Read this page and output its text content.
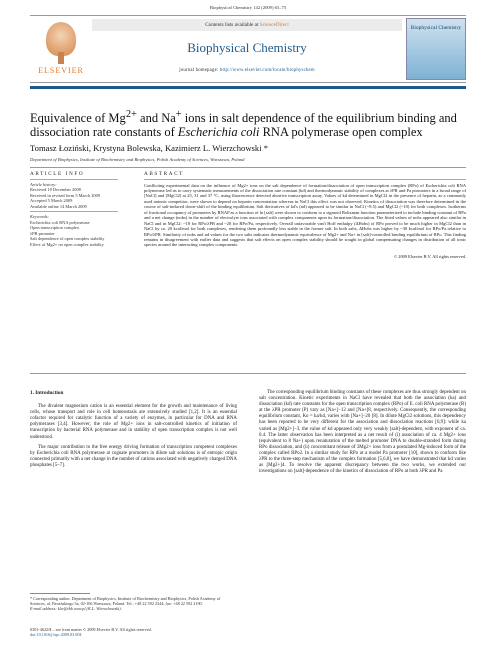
Biophysical Chemistry 142 (2009) 65–75
ELSEVIER
Contents lists available at ScienceDirect
Biophysical Chemistry
journal homepage: http://www.elsevier.com/locate/biophyschem
Biophysical Chemistry
Equivalence of $Mg^{2+}$ and Na+ ions in salt dependence of the equilibrium binding and dissociation rate constants of Escherichia coli RNA polymerase open complex
Tomasz Łoziński, Krystyna Bolewska, Kazimierz L. Wierzchowski *
Department of Biophysics, Institute of Biochemistry and Biophysics, Polish Academy of Sciences, Warszawa, Poland
ARTICLE INFO
Article history:
Received 18 December 2008
Received in revised form 5 March 2009
Accepted 5 March 2009
Available online 14 March 2009
Keywords:
Escherichia coli RNA polymerase
Open transcription complex
λPR promoter
Salt dependence of open complex stability
Effect of Mg2+ on open complex stability
ABSTRACT
Conflicting experimental data on the influence of Mg2+ ions on the salt dependence of formation/dissociation of open transcription complex (RPo) of Escherichia coli RNA polymerase led us to carry systematic measurements of the dissociation rate constant (kd) and thermodynamic stability of complexes at λPR and Pa promoters in a broad range of [NaCl] and [MgCl2] at 25, 31 and 37 °C, using fluorescence detected abortive transcription assay. Values of kd determined in MgCl2 in the presence of heparin, as a commonly used anionic competitor, were shown to depend on heparin concentration whereas in NaCl this effect was not observed. Kinetics of dissociation was therefore determined in the course of salt-induced down-shift of the binding equilibrium. Salt derivatives of kd's (nd) appeared to be similar in NaCl (~8.5) and MgCl2 (~10) for both complexes. Isotherms of fractional occupancy of promoters by RNAP as a function of ln [salt] were shown to conform to a sigmoid Boltzman function parameterized to include binding constant of RPo and a net change (nobs) in the number of electrolyte ions associated with complex components upon its formation/dissociation. The fitted values of nobs appeared also similar in NaCl and in MgCl2: ~18 for RPo/λPR and ~20 for RPo/Pa, respectively. Overall unfavorable van't Hoff enthalpy (ΔHobs) of RPo proved to be much higher in MgCl2 than in NaCl by ca. 20 kcal/mol for both complexes, rendering them profoundly less stable in the former salt. In both salts, ΔHobs was higher by ~30 kcal/mol for RPo/Pa relative to RPo/λPR. Similarity of nobs and nd values for the two salts indicates thermodynamic equivalence of Mg2+ and Na+ in [salt]-controlled binding equilibrium of RPo. This finding remains in disagreement with earlier data and suggests that salt effects on open complex stability should be sought in global compensating changes in distribution of all ionic species around the interacting complex components.
© 2009 Elsevier B.V. All rights reserved.
1. Introduction

The divalent magnesium cation is an essential element for the growth and maintenance of living cells, whose transport and role in cell homeostasis are extensively studied [1,2]. It is an essential cofactor required for catalytic function of a variety of enzymes, in particular for DNA and RNA polymerases [3,4]. However, the role of Mg2+ ions in salt-controlled kinetics of initiation of transcription by bacterial RNA polymerase and in stability of open transcription complex is not well understood.

The major contribution to the free energy driving formation of transcription competent complexes by Escherichia coli RNA polymerase at cognate promoters in dilute salt solutions is of entropic origin connected primarily with a net change in the number of cations associated with negatively charged DNA phosphates [5–7].

The corresponding equilibrium binding constants of these complexes are thus strongly dependent on salt concentration. Kinetic experiments in NaCl have revealed that both the association (ka) and dissociation (kd) rate constants for the open transcription complex (RPo) of E. coli RNA polymerase (R) at the λPR promoter (P) vary as [Na+]−12 and [Na+]8, respectively. Consequently, the corresponding equilibrium constant, Ko = ka/kd, varies with [Na+]−20 [8]. In dilute MgCl2 solutions, this dependency has been reported to be very different for the association and dissociation reactions [6,9]: while ka varied as [Mg2+]−3, the value of kd appeared only very weakly [salt]-dependent, with exponent of ca. 0.4. The latter observation has been interpreted as a net result of (i) association of ca. 4 Mg2+ ions (equivalent to 8 Na+) upon renaturation of the melted promoter DNA to double-stranded form during RPo dissociation, and (ii) concomitant release of 3Mg2+ ions from a postulated Mg-induced form of the complex called RPo2. In a similar study for RPo at a model Pa promoter [10], shown to conform like λPR to the three-step mechanism of the complex formation [5,6,8], we have demonstrated that kd varies as [Mg2+]4. To resolve the apparent discrepancy between the two works, we extended our investigations on [salt]-dependence of the kinetics of dissociation of RPo at both λPR and Pa

* Corresponding author. Department of Biophysics, Institute of Biochemistry and Biophysics, Polish Academy of Sciences, ul. Pawińskiego 5a, 02-106 Warszawa, Poland. Tel.: +48 22 592 2344; fax: +48 22 592 2190.
E-mail address: klw@ibb.waw.pl (K.L. Wierzchowski).
0301-4622/$ – see front matter © 2009 Elsevier B.V. All rights reserved.
doi:10.1016/j.bpc.2009.03.004
